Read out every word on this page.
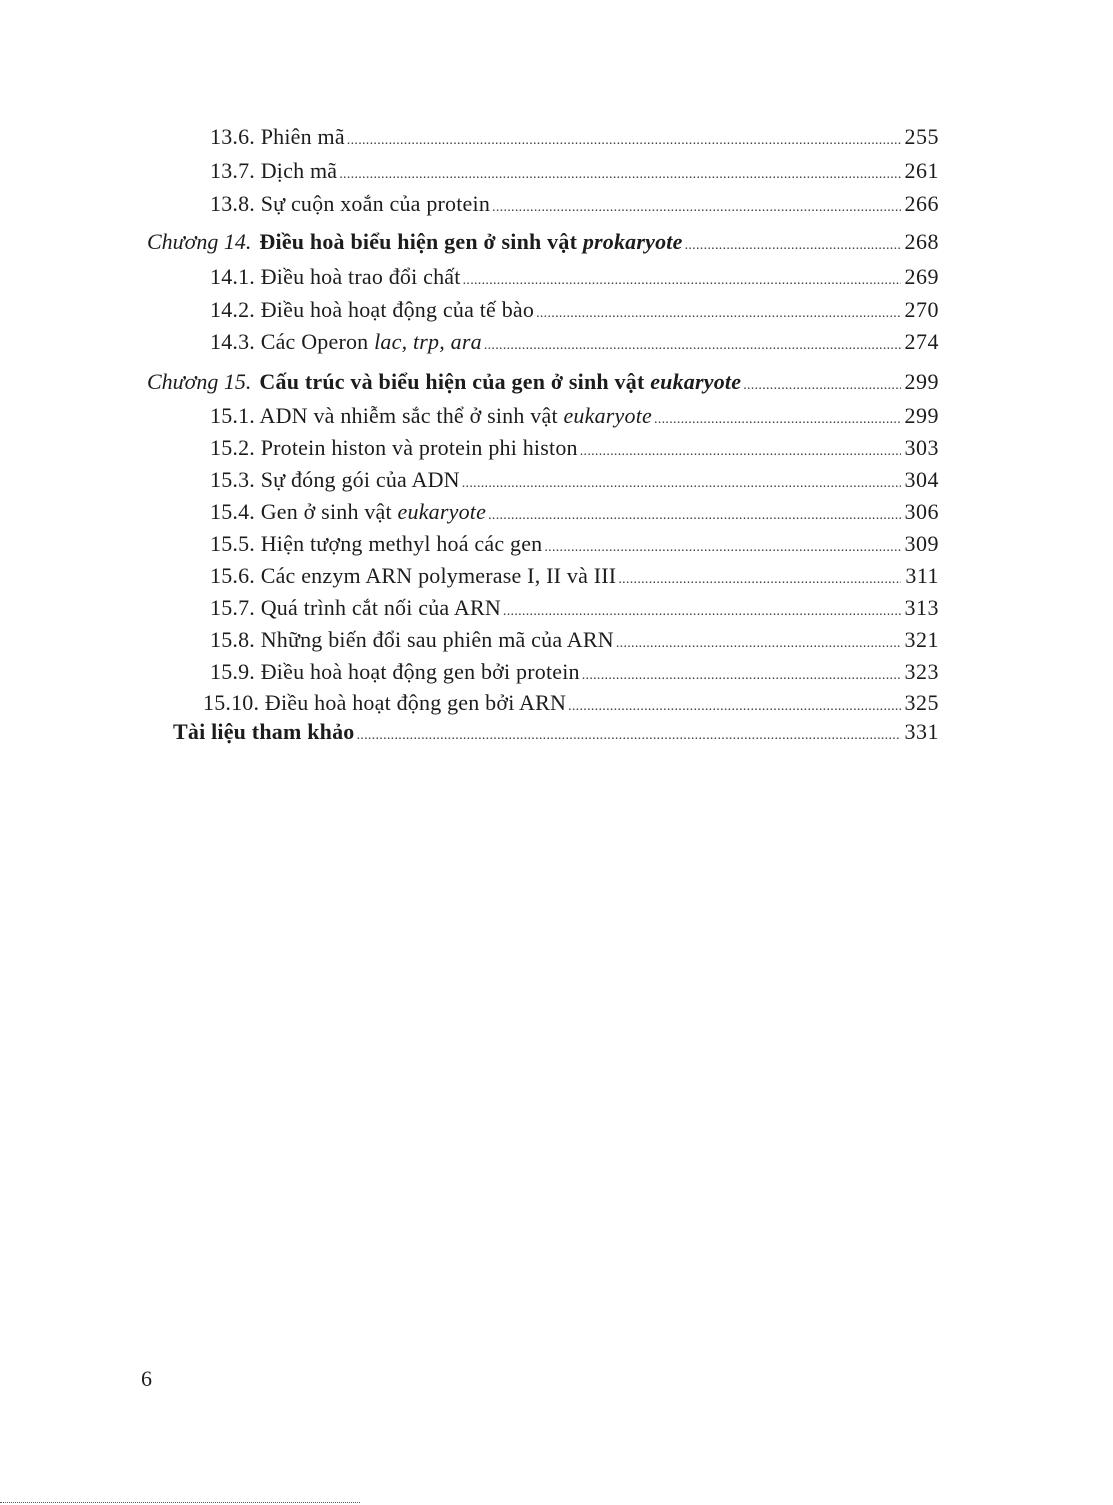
13.6. Phiên mã . . .	255
13.7. Dịch mã . . .	261
13.8. Sự cuộn xoắn của protein . . .	266
Chương 14. Điều hoà biểu hiện gen ở sinh vật prokaryote . . .	268
14.1. Điều hoà trao đổi chất . . .	269
14.2. Điều hoà hoạt động của tế bào . . .	270
14.3. Các Operon lac, trp, ara . . .	274
Chương 15. Cấu trúc và biểu hiện của gen ở sinh vật eukaryote . . .	299
15.1. ADN và nhiễm sắc thể ở sinh vật eukaryote . . .	299
15.2. Protein histon và protein phi histon . . .	303
15.3. Sự đóng gói của ADN . . .	304
15.4. Gen ở sinh vật eukaryote . . .	306
15.5. Hiện tượng methyl hoá các gen . . .	309
15.6. Các enzym ARN polymerase I, II và III . . .	311
15.7. Quá trình cắt nối của ARN . . .	313
15.8. Những biến đổi sau phiên mã của ARN . . .	321
15.9. Điều hoà hoạt động gen bởi protein . . .	323
15.10. Điều hoà hoạt động gen bởi ARN . . .	325
Tài liệu tham khảo . . .	331
6
